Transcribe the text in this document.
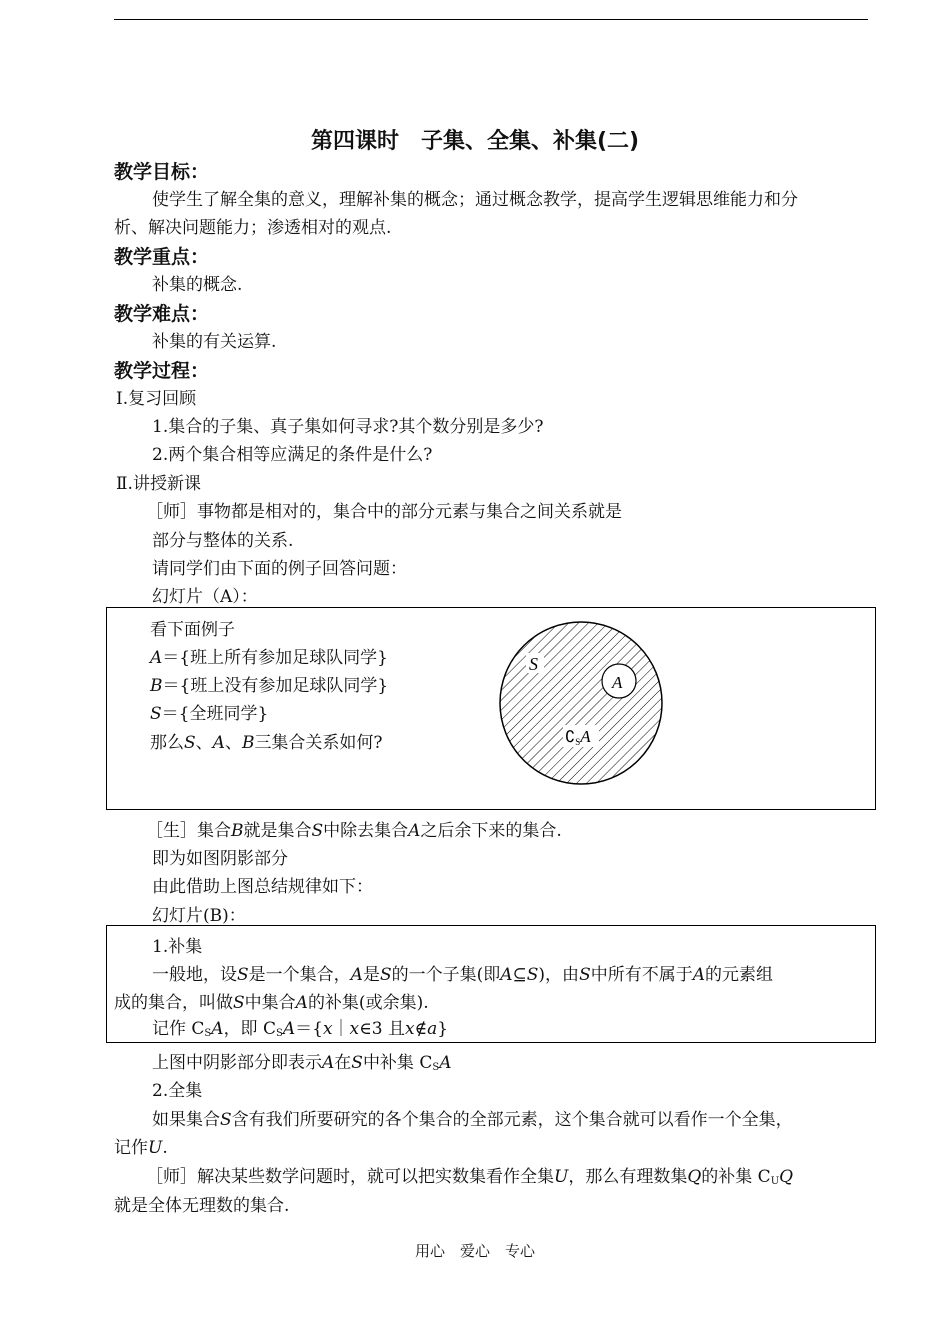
第四课时　子集、全集、补集(二)
教学目标：
使学生了解全集的意义，理解补集的概念；通过概念教学，提高学生逻辑思维能力和分
析、解决问题能力；渗透相对的观点.
教学重点：
补集的概念.
教学难点：
补集的有关运算.
教学过程：
Ⅰ.复习回顾
1.集合的子集、真子集如何寻求?其个数分别是多少?
2.两个集合相等应满足的条件是什么?
Ⅱ.讲授新课
［师］事物都是相对的，集合中的部分元素与集合之间关系就是
部分与整体的关系.
请同学们由下面的例子回答问题：
幻灯片（A）：
看下面例子
A＝{班上所有参加足球队同学}
B＝{班上没有参加足球队同学}
S＝{全班同学}
那么S、A、B三集合关系如何?
S
A
∁SA
［生］集合B就是集合S中除去集合A之后余下来的集合.
即为如图阴影部分
由此借助上图总结规律如下：
幻灯片(B)：
1.补集
一般地，设S是一个集合，A是S的一个子集(即A⊆S)，由S中所有不属于A的元素组
成的集合，叫做S中集合A的补集(或余集).
记作 $C_SA$，即 $C_SA=\{x|x\in 3$ 且x∉a}
上图中阴影部分即表示A在S中补集 $C_SA$
2.全集
如果集合S含有我们所要研究的各个集合的全部元素，这个集合就可以看作一个全集，
记作U.
［师］解决某些数学问题时，就可以把实数集看作全集U，那么有理数集Q的补集 $C_UQ$
就是全体无理数的集合.
用心　爱心　专心
